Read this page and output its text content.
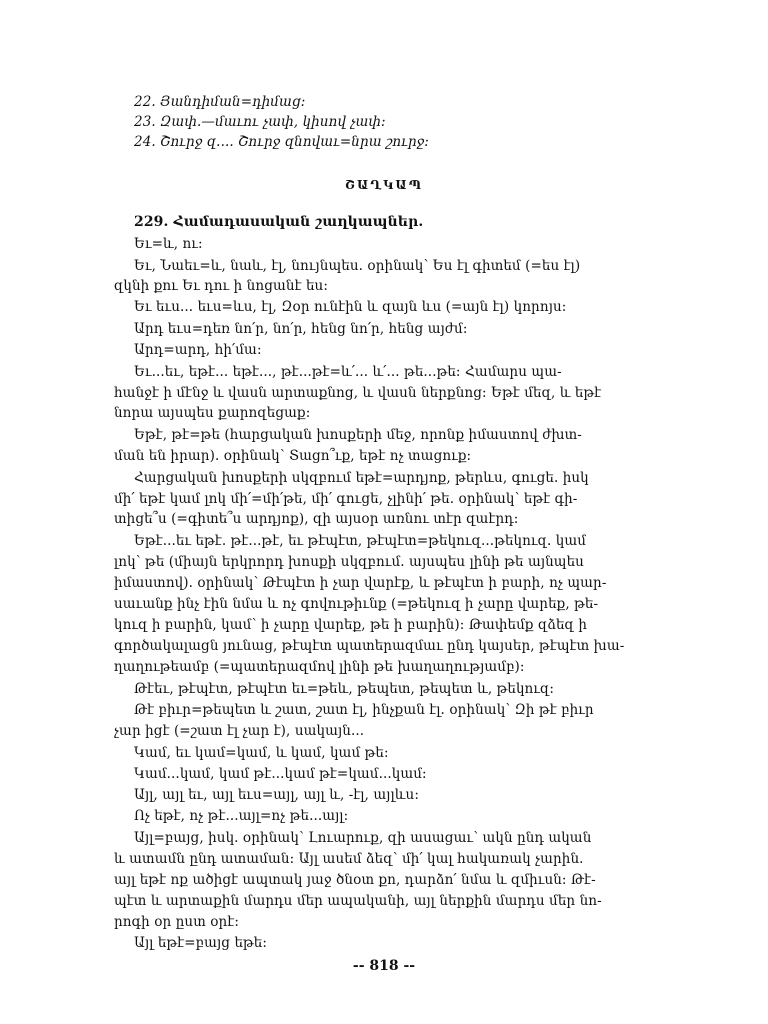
22. Յանդիման=դիմաց։
23. Զափ.—մաւու չափ, կիսով չափ։
24. Շուրջ զ.... Շուրջ զնովաւ=նրա շուրջ։
ՇԱՂԿԱՊ
229. Համադասական շաղկապներ.
Եւ=և, ու։
Եւ, Նաեւ=և, նաև, էլ, նույնպես. օրինակ՝ Ես էլ գիտեմ (=ես էլ)
զկնի քու Եւ դու ի նոցանէ ես։
Եւ եւս... եւս=ևս, էլ, Զօր ունէին և զայն ևս (=այն էլ) կորոյս։
Արդ եւս=դեռ նո՛ր, նո՛ր, հենց նո՛ր, հենց այժմ։
Արդ=արդ, հի՛մա։
Եւ...եւ, եթէ... եթէ..., թէ...թէ=և՛... և՛... թե...թե։ Համարս պա-
հանջէ ի մէնջ և վասն արտաքնոց, և վասն ներքնոց։ Եթէ մեզ, և եթէ
նորա այսպես քարոզեցաք։
Եթէ, թէ=թե (հարցական խոսքերի մեջ, որոնք իմաստով ժխտ-
ման են իրար). օրինակ՝ Տացո՞ւք, եթէ ոչ տացուք։
Հարցական խոսքերի սկզբում եթէ=արդյոք, թերևս, գուցե. իսկ
մի՛ եթէ կամ լոկ մի՛=մի՛թե, մի՛ գուցե, չլինի՛ թե. օրինակ՝ եթէ գի-
տիցե՞ս (=գիտե՞ս արդյոք), զի այսօր առնու տէր զաէրդ։
Եթէ...եւ եթէ. թէ...թէ, եւ թէպէտ, թէպէտ=թեկուզ...թեկուզ. կամ
լոկ՝ թե (միայն երկրորդ խոսքի սկզբում. այսպես լինի թե այնպես
իմաստով). օրինակ՝ Թէպէտ ի չար վարէք, և թէպէտ ի բարի, ոչ պար-
սաւանք ինչ էին նմա և ոչ գովութիւնք (=թեկուզ ի չարը վարեք, թե-
կուզ ի բարին, կամ՝ ի չարը վարեք, թե ի բարին)։ Թափեմք զձեզ ի
գործակալացն յունաց, թէպէտ պատերազմաւ ընդ կայսեր, թէպէտ խա-
ղաղութեամբ (=պատերազմով լինի թե խաղաղությամբ)։
Թէեւ, թէպէտ, թէպէտ եւ=թեև, թեպետ, թեպետ և, թեկուզ։
Թէ բիւր=թեպետ և շատ, շատ էլ, ինչքան էլ. օրինակ՝ Զի թէ բիւր
չար իցէ (=շատ էլ չար է), սակայն...
Կամ, եւ կամ=կամ, և կամ, կամ թե։
Կամ...կամ, կամ թէ...կամ թէ=կամ...կամ։
Այլ, այլ եւ, այլ եւս=այլ, այլ և, -էլ, այլևս։
Ոչ եթէ, ոչ թէ...այլ=ոչ թե...այլ։
Այլ=բայց, իսկ. օրինակ՝ Լուարուք, զի ասացաւ՝ ակն ընդ ական
և ատամն ընդ ատաման։ Այլ ասեմ ձեզ՝ մի՛ կալ հակառակ չարին.
այլ եթէ ոք ածիցէ ապտակ յաջ ծնօտ քո, դարձո՛ նմա և զմիւսն։ Թէ-
պէտ և արտաքին մարդս մեր ապականի, այլ ներքին մարդս մեր նո-
-- 818 --
րոգի օր ըստ օրէ։
Այլ եթէ=բայց եթե։
